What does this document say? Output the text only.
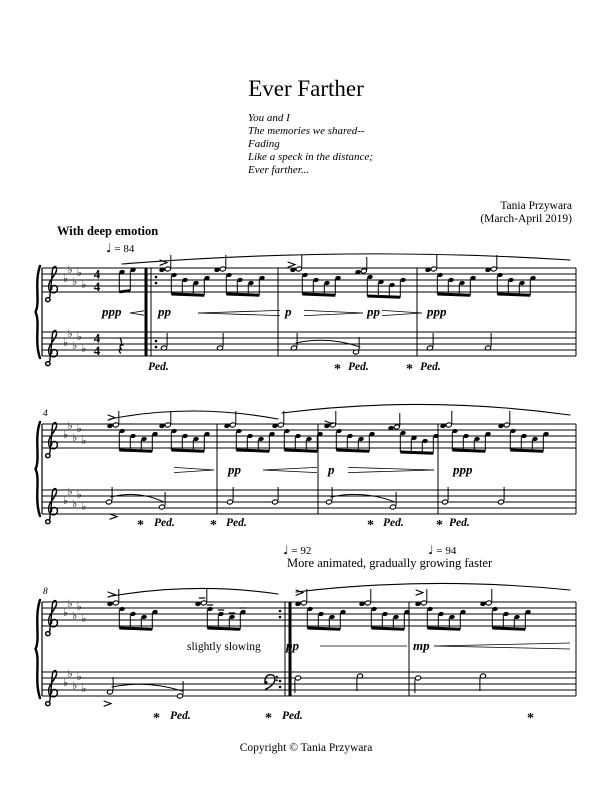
Ever Farther
You and I
The memories we shared--
Fading
Like a speck in the distance;
Ever farther...
Tania Przywara
(March-April 2019)
With deep emotion
♩ = 84
♩ = 92	♩ = 94
More animated, gradually growing faster
♭
♭
♭
♭
♭
♭
♭
♭
♭
♭
4
4
4
4
ppp	pp	p	pp	ppp
Ped.	* Ped.	* Ped.
4
♭
♭
♭
♭
♭
♭
♭
♭
♭
♭
pp	p	ppp
* Ped.	* Ped.	* Ped. * Ped.
8
♭
♭
♭
♭
♭
♭
♭
♭
♭
♭
pp	mp
slightly slowing
* Ped.	* Ped.	*
Copyright © Tania Przywara
